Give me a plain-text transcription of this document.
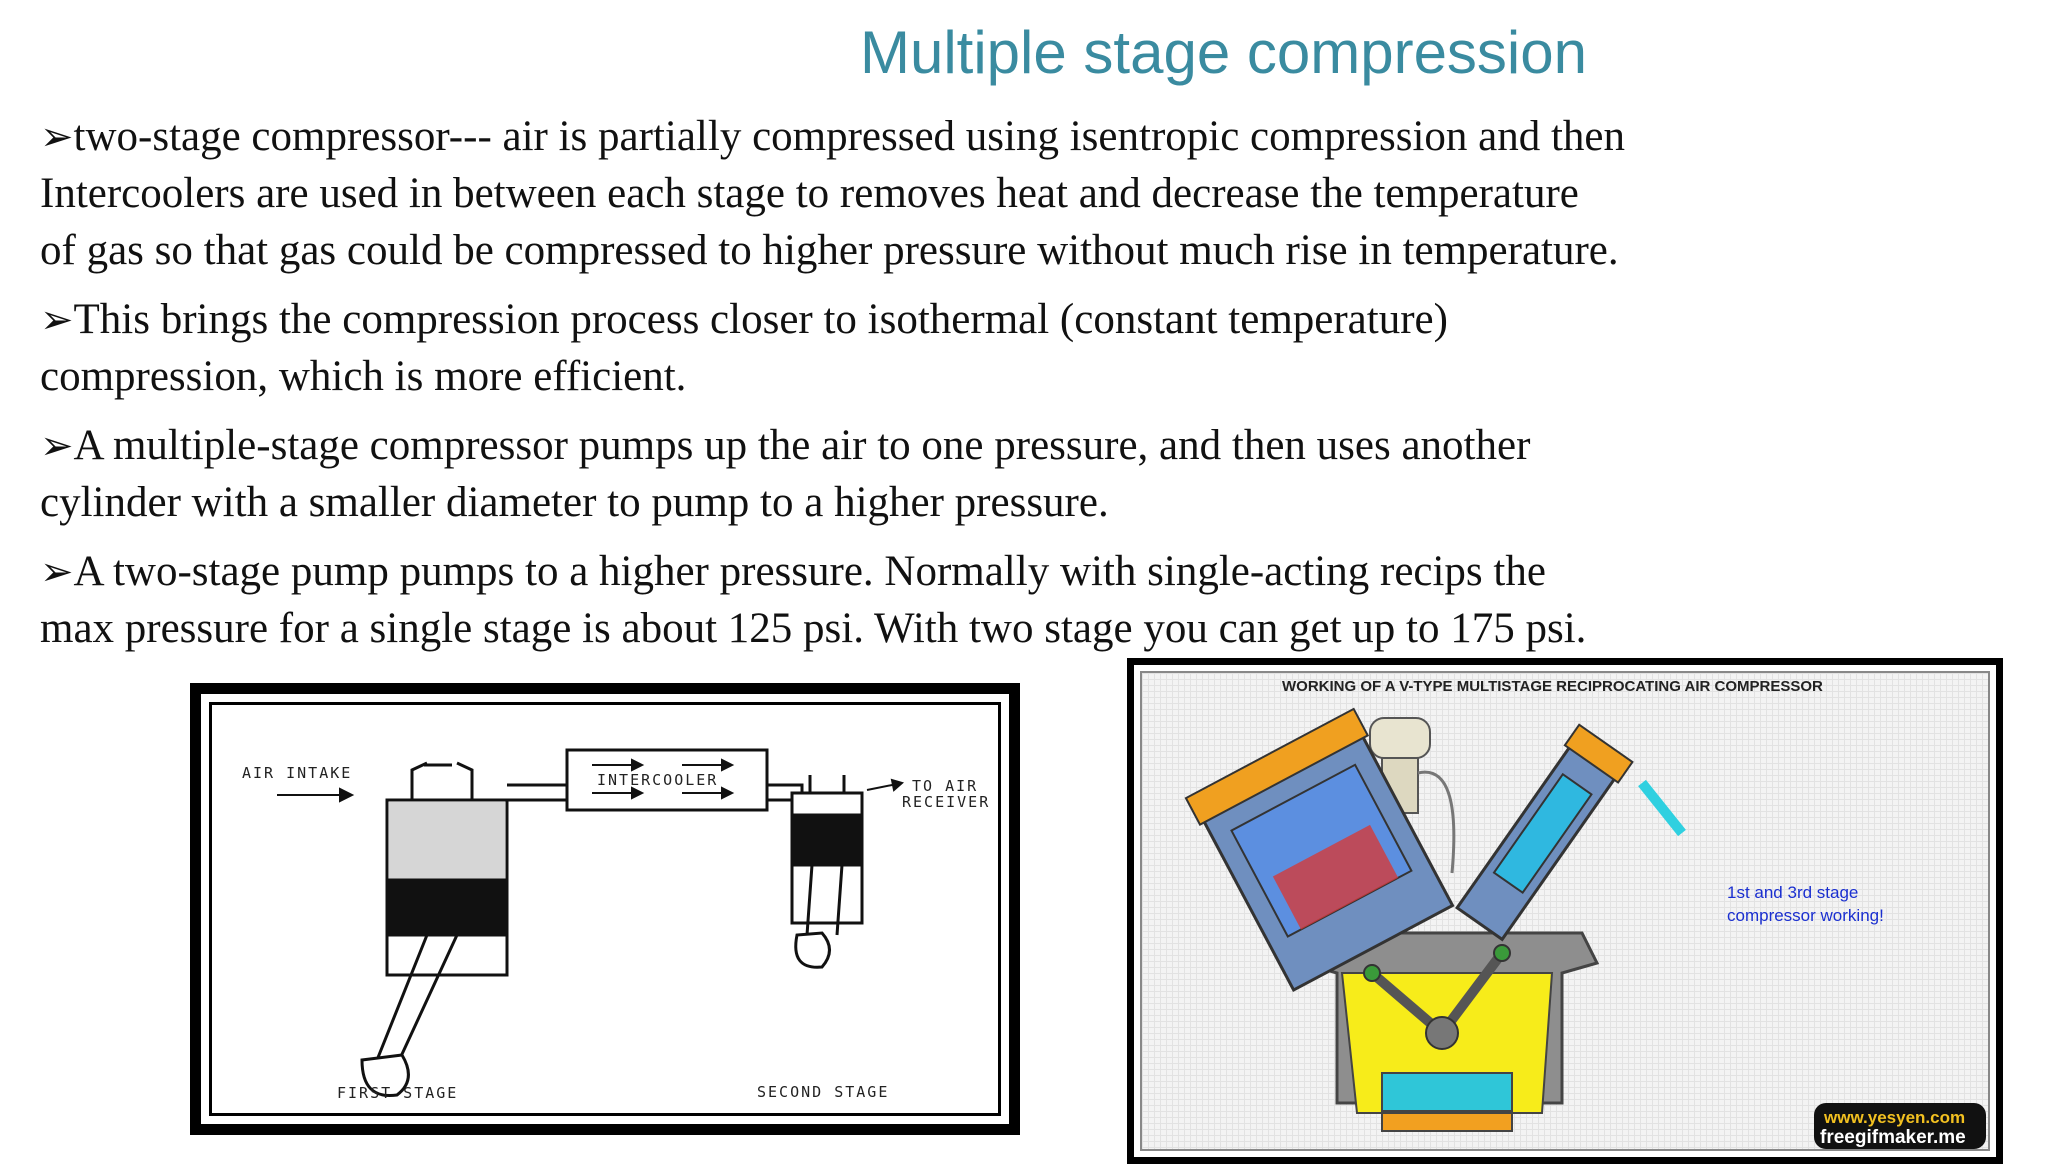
Multiple stage compression
➢two-stage compressor--- air is partially compressed using isentropic compression and then
Intercoolers are used in between each stage to removes heat and decrease the temperature
of gas so that gas could be compressed to higher pressure without much rise in temperature.
➢This brings the compression process closer to isothermal (constant temperature)
compression, which is more efficient.
➢A multiple-stage compressor pumps up the air to one pressure, and then uses another
cylinder with a smaller diameter to pump to a higher pressure.
➢A two-stage pump pumps to a higher pressure. Normally with single-acting recips the
max pressure for a single stage is about 125 psi. With two stage you can get up to 175 psi.
AIR INTAKE	INTERCOOLER	TO AIR
RECEIVER
FIRST STAGE	SECOND STAGE
WORKING OF A V-TYPE MULTISTAGE RECIPROCATING AIR COMPRESSOR
1st and 3rd stage
compressor working!
www.yesyen.com
freegifmaker.me
